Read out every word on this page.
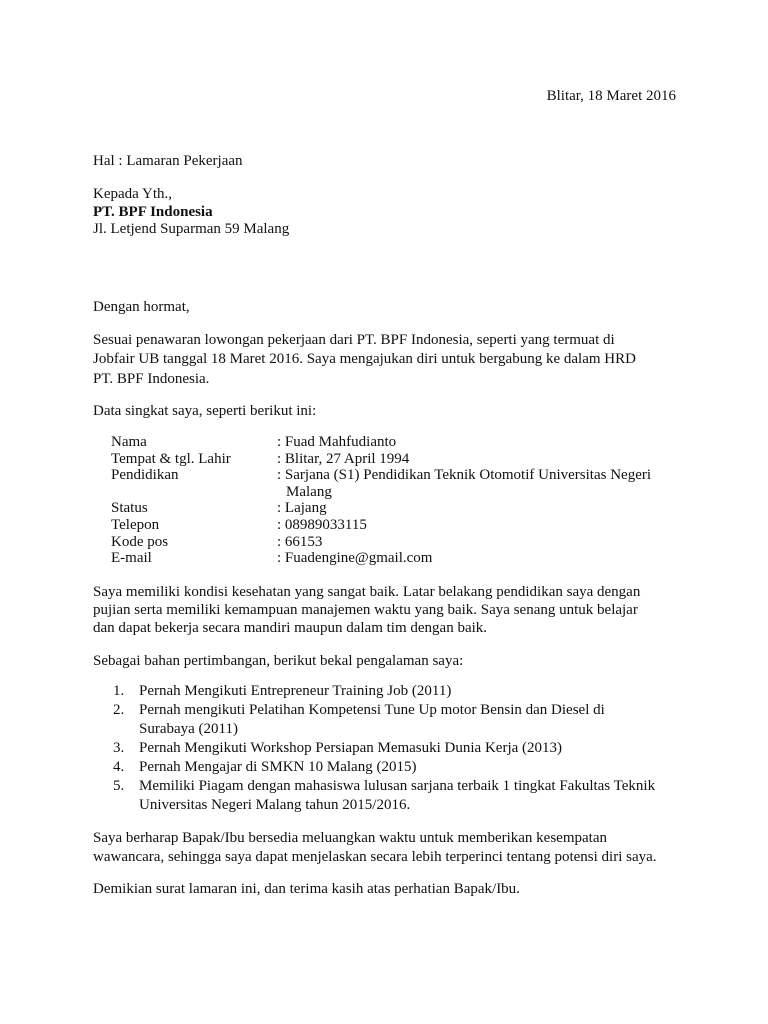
Blitar, 18 Maret 2016
Hal : Lamaran Pekerjaan
Kepada Yth.,
PT. BPF Indonesia
Jl. Letjend Suparman 59 Malang
Dengan hormat,
Sesuai penawaran lowongan pekerjaan dari PT. BPF Indonesia, seperti yang termuat di
Jobfair UB tanggal 18 Maret 2016. Saya mengajukan diri untuk bergabung ke dalam HRD
PT. BPF Indonesia.
Data singkat saya, seperti berikut ini:
Nama	: Fuad Mahfudianto
Tempat & tgl. Lahir	: Blitar, 27 April 1994
Pendidikan	: Sarjana (S1) Pendidikan Teknik Otomotif Universitas Negeri
Malang
Status	: Lajang
Telepon	: 08989033115
Kode pos	: 66153
E-mail	: Fuadengine@gmail.com
Saya memiliki kondisi kesehatan yang sangat baik. Latar belakang pendidikan saya dengan
pujian serta memiliki kemampuan manajemen waktu yang baik. Saya senang untuk belajar
dan dapat bekerja secara mandiri maupun dalam tim dengan baik.
Sebagai bahan pertimbangan, berikut bekal pengalaman saya:
1. Pernah Mengikuti Entrepreneur Training Job (2011)
2. Pernah mengikuti Pelatihan Kompetensi Tune Up motor Bensin dan Diesel di
Surabaya (2011)
3. Pernah Mengikuti Workshop Persiapan Memasuki Dunia Kerja (2013)
4. Pernah Mengajar di SMKN 10 Malang (2015)
5. Memiliki Piagam dengan mahasiswa lulusan sarjana terbaik 1 tingkat Fakultas Teknik
Universitas Negeri Malang tahun 2015/2016.
Saya berharap Bapak/Ibu bersedia meluangkan waktu untuk memberikan kesempatan
wawancara, sehingga saya dapat menjelaskan secara lebih terperinci tentang potensi diri saya.
Demikian surat lamaran ini, dan terima kasih atas perhatian Bapak/Ibu.
